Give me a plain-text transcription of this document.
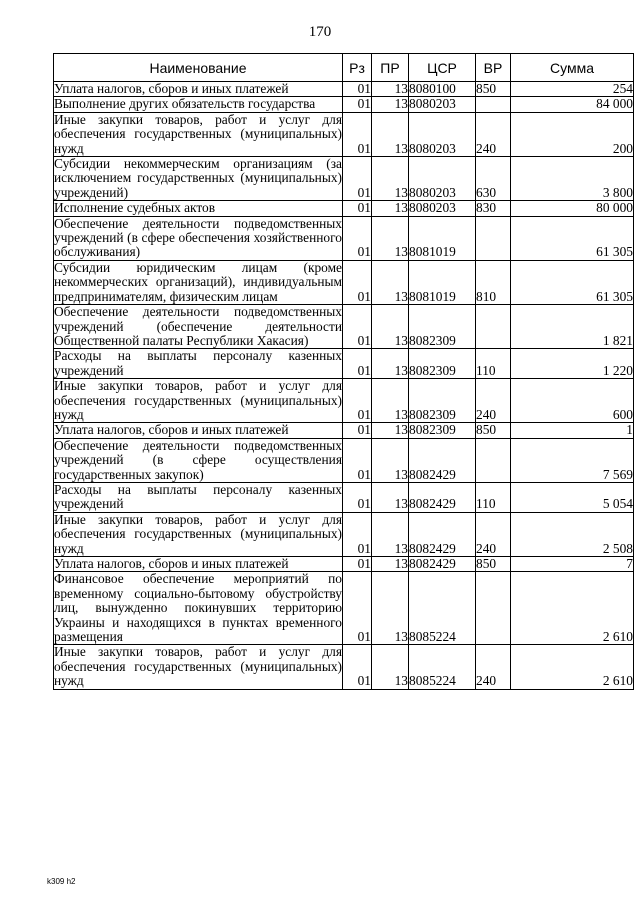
170
Наименование	Рз	ПР	ЦСР	ВР	Сумма
Уплата налогов, сборов и иных платежей	01	13	8080100	850	254
Выполнение других обязательств государства	01	13	8080203		84 000
Иные закупки товаров, работ и услуг для обеспечения государственных (муниципальных) нужд	01	13	8080203	240	200
Субсидии некоммерческим организациям (за исключением государственных (муниципальных) учреждений)	01	13	8080203	630	3 800
Исполнение судебных актов	01	13	8080203	830	80 000
Обеспечение деятельности подведомственных учреждений (в сфере обеспечения хозяйственного обслуживания)	01	13	8081019		61 305
Субсидии юридическим лицам (кроме некоммерческих организаций), индивидуальным предпринимателям, физическим лицам	01	13	8081019	810	61 305
Обеспечение деятельности подведомственных учреждений (обеспечение деятельности Общественной палаты Республики Хакасия)	01	13	8082309		1 821
Расходы на выплаты персоналу казенных учреждений	01	13	8082309	110	1 220
Иные закупки товаров, работ и услуг для обеспечения государственных (муниципальных) нужд	01	13	8082309	240	600
Уплата налогов, сборов и иных платежей	01	13	8082309	850	1
Обеспечение деятельности подведомственных учреждений (в сфере осуществления государственных закупок)	01	13	8082429		7 569
Расходы на выплаты персоналу казенных учреждений	01	13	8082429	110	5 054
Иные закупки товаров, работ и услуг для обеспечения государственных (муниципальных) нужд	01	13	8082429	240	2 508
Уплата налогов, сборов и иных платежей	01	13	8082429	850	7
Финансовое обеспечение мероприятий по временному социально-бытовому обустройству лиц, вынужденно покинувших территорию Украины и находящихся в пунктах временного размещения	01	13	8085224		2 610
Иные закупки товаров, работ и услуг для обеспечения государственных (муниципальных) нужд	01	13	8085224	240	2 610
k309 h2
